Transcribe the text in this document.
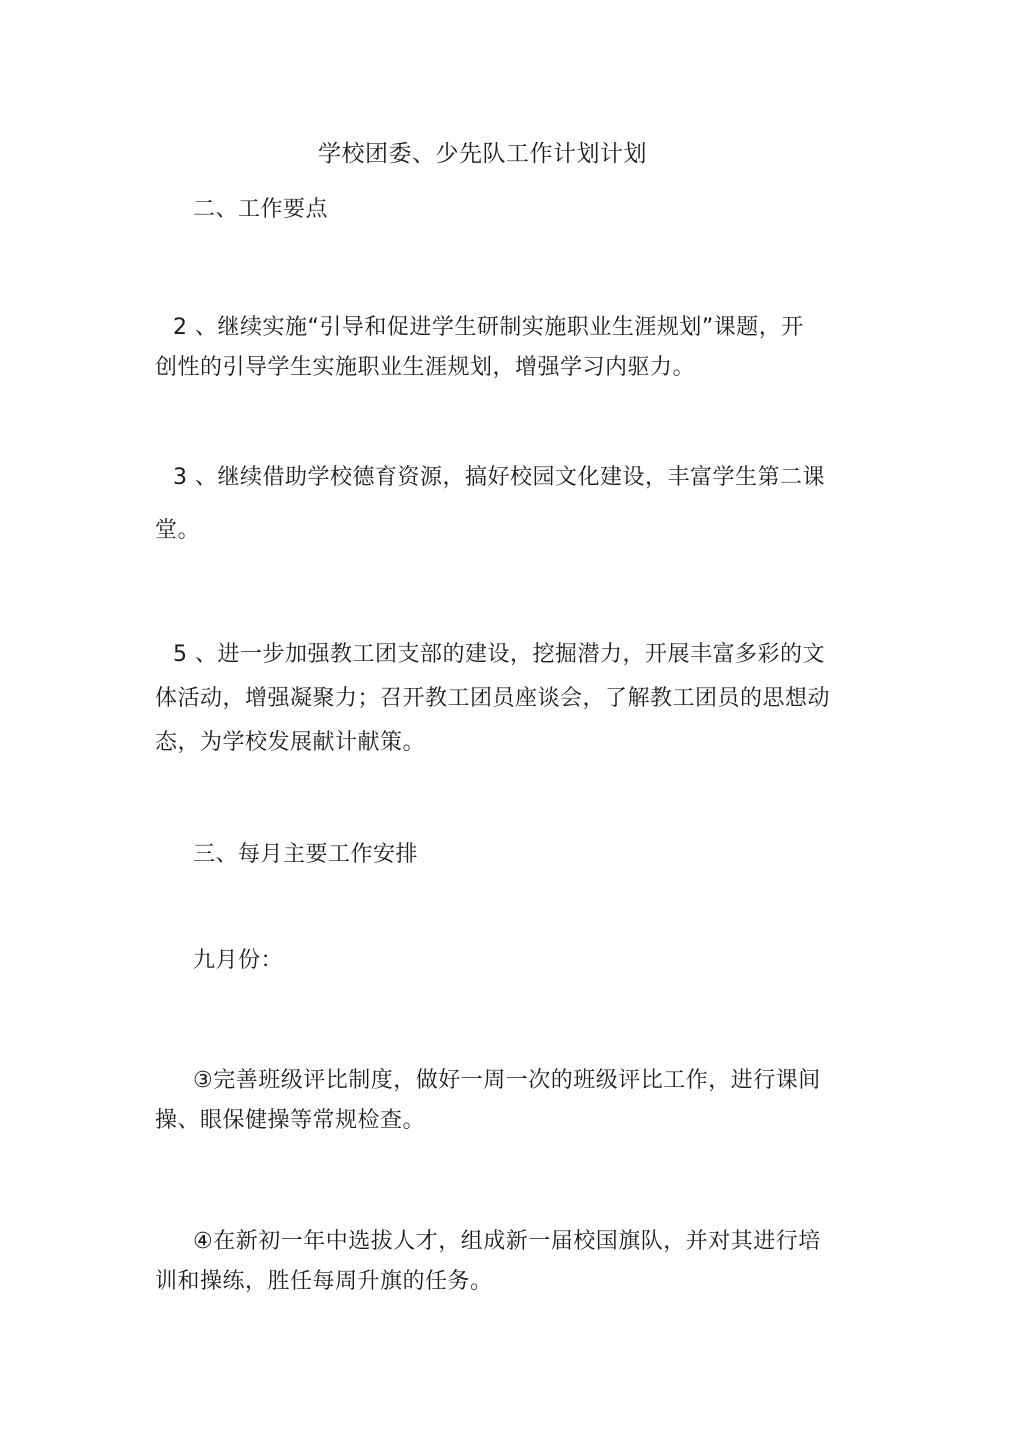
学校团委、少先队工作计划计划
二、工作要点
2 、继续实施“引导和促进学生研制实施职业生涯规划”课题，开
创性的引导学生实施职业生涯规划，增强学习内驱力。
3 、继续借助学校德育资源，搞好校园文化建设，丰富学生第二课
堂。
5 、进一步加强教工团支部的建设，挖掘潜力，开展丰富多彩的文
体活动，增强凝聚力；召开教工团员座谈会，了解教工团员的思想动
态，为学校发展献计献策。
三、每月主要工作安排
九月份：
③完善班级评比制度，做好一周一次的班级评比工作，进行课间
操、眼保健操等常规检查。
④在新初一年中选拔人才，组成新一届校国旗队，并对其进行培
训和操练，胜任每周升旗的任务。
